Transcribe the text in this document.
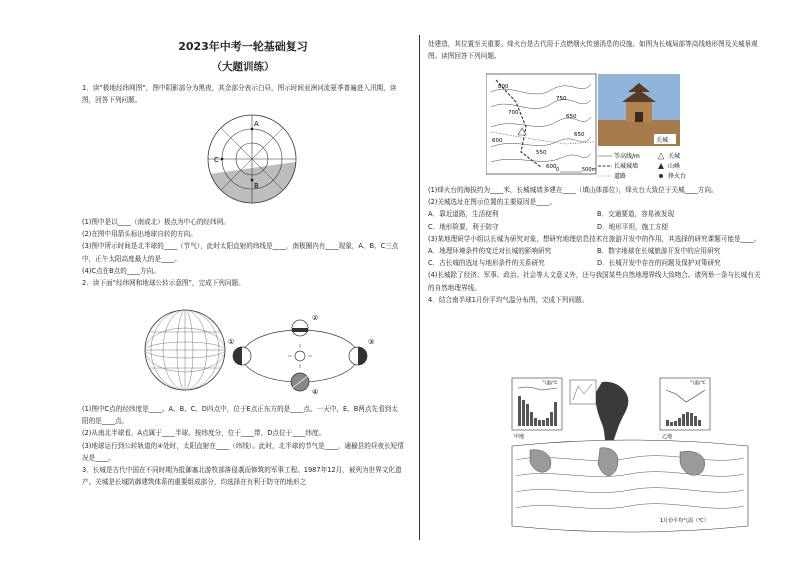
2023年中考一轮基础复习
（大题训练）

1．读“极地经纬网图”，图中阴影部分为黑夜，其余部分表示白昼，图示时间亚洲河流夏季普遍进入汛期，读图，回答下列问题。

A
C
B

(1)图中是以____（南或北）极点为中心的经纬网。

(2)在图中用箭头标出地球自转的方向。

(3)图中所示时间是北半球的____（节气），此时太阳直射的纬线是____，南极圈内有____现象，A、B、C三点中，正午太阳高度最大的是____。

(4)C点在B点的____方向。

2．读下面“经纬网和地球公转示意图”，完成下列问题。

①
②
③
④

(1)图中C点的经纬度是____。A、B、C、D四点中，位于E点正东方的是____点。一天中，E、B两点先看到太阳的是____点。

(2)从南北半球看，A点属于____半球。按纬度分，位于____带，D点位于____纬度。

(3)地球运行到公转轨道的④处时，太阳直射在____（纬线）。此时，北半球的节气是____，通榆县的昼夜长短情况是____。

3．长城是古代中国在不同时期为抵御塞北游牧部落侵袭而修筑的军事工程。1987年12月，被列为世界文化遗产。关城是长城防御建筑体系的重要组成部分，均选择在有利于防守的地形之

处建造，其位置至关重要。烽火台是古代用于点燃烟火传递消息的设施。如图为长城局部等高线地形图及关城景观图。读图回答下列问题。

800
700
750
650
600
550
650
600 0	500m
关城
等高线/m
长城城墙
道路
关城
山峰
烽火台

(1)烽火台的海拔约为____米，长城城墙多建在____（填山体部位），烽火台大致位于关城____方向。

(2)关城选址在图示位置的主要原因是____。

A．靠近道路，生活便利	B．交通要道，容易被发现
C．地形险要，利于防守	D．地形平坦，施工方便

(3)某地理研学小组以长城为研究对象，想研究地理信息技术在旅游开发中的作用，其选择的研究课题可能是____。

A．地理环境条件的变迁对长城的影响研究	B．数字地球在长城旅游开发中的应用研究
C．古长城的选址与地形条件的关系研究	D．长城开发中存在的问题及保护对策研究

(4)长城除了经济、军事、政治、社会等人文意义外，还与我国某些自然地理界线大致吻合。请列举一条与长城有关的自然地理界线。

4．结合南半球1月份平均气温分布图，完成下列问题。

甲地
气温/℃
乙地
气温/℃
1月份平均气温（℃）
